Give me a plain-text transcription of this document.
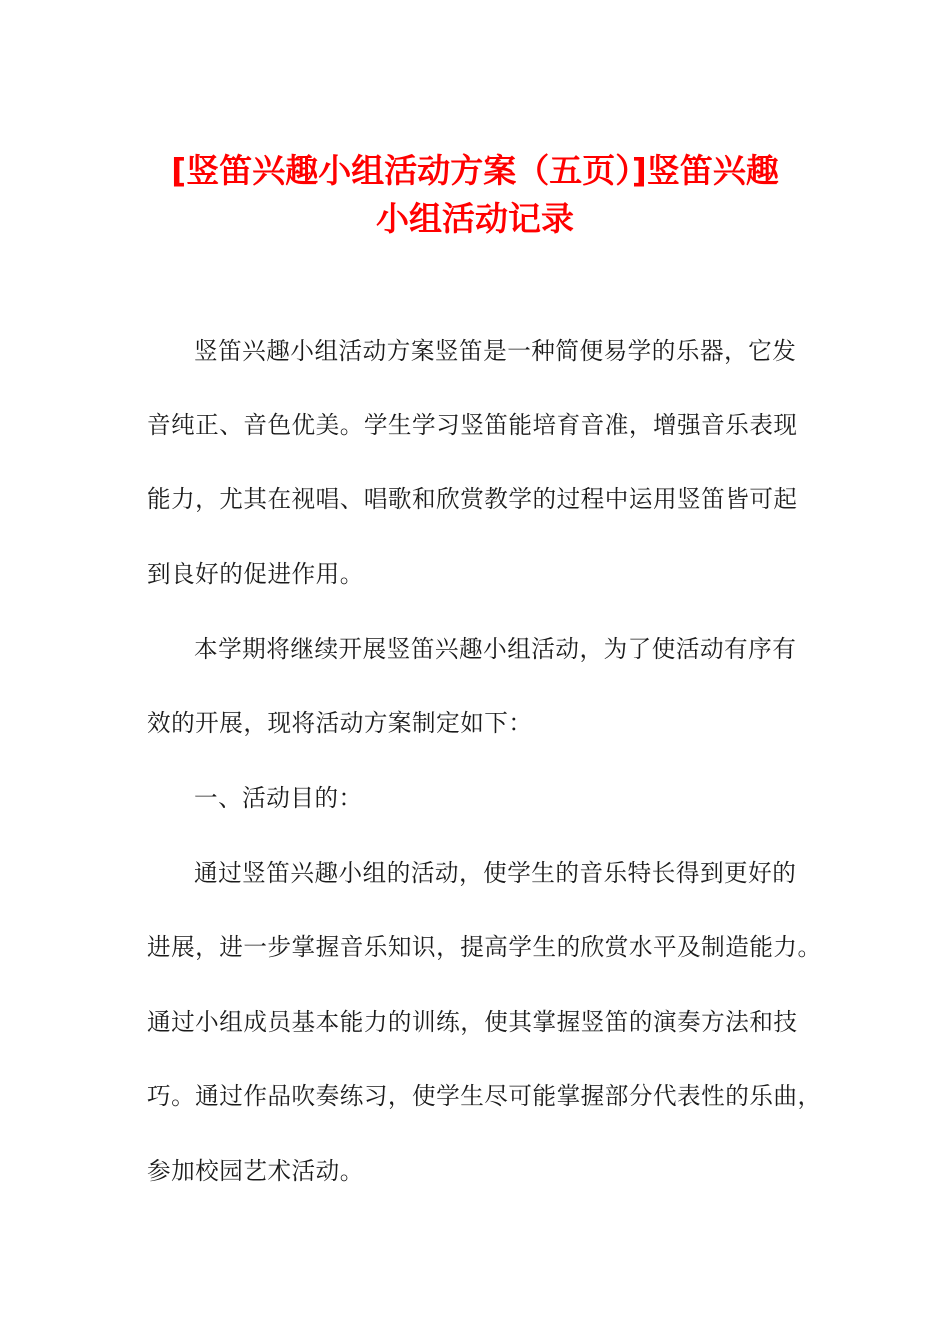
[竖笛兴趣小组活动方案（五页）]竖笛兴趣
小组活动记录
竖笛兴趣小组活动方案竖笛是一种简便易学的乐器，它发
音纯正、音色优美。学生学习竖笛能培育音准，增强音乐表现
能力，尤其在视唱、唱歌和欣赏教学的过程中运用竖笛皆可起
到良好的促进作用。
本学期将继续开展竖笛兴趣小组活动，为了使活动有序有
效的开展，现将活动方案制定如下：
一、活动目的：
通过竖笛兴趣小组的活动，使学生的音乐特长得到更好的
进展，进一步掌握音乐知识，提高学生的欣赏水平及制造能力。
通过小组成员基本能力的训练，使其掌握竖笛的演奏方法和技
巧。通过作品吹奏练习，使学生尽可能掌握部分代表性的乐曲，
参加校园艺术活动。
